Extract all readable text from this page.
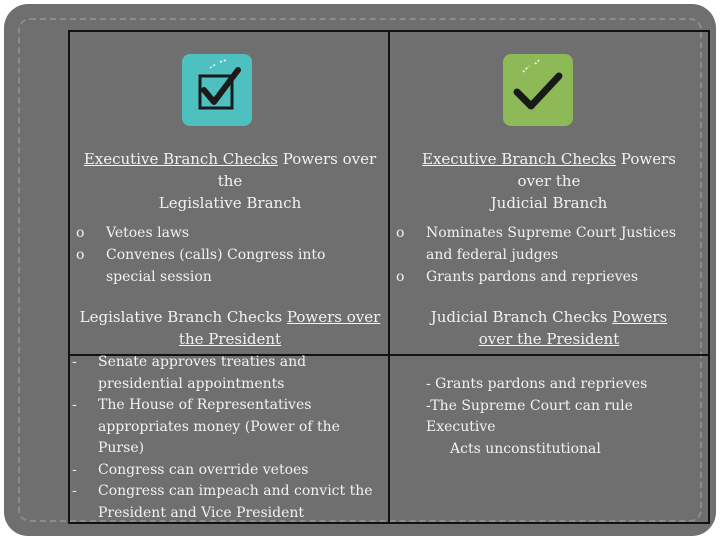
Executive Branch Checks Powers over
the
Legislative Branch
o Vetoes laws
o Convenes (calls) Congress into special session
Executive Branch Checks Powers
over the
Judicial Branch
o Nominates Supreme Court Justices and federal judges
o Grants pardons and reprieves
Legislative Branch Checks Powers over
the President
Judicial Branch Checks Powers
over the President
- Senate approves treaties and presidential appointments
- The House of Representatives appropriates money (Power of the Purse)
- Congress can override vetoes
- Congress can impeach and convict the President and Vice President
- Grants pardons and reprieves
-The Supreme Court can rule
Executive
Acts unconstitutional
